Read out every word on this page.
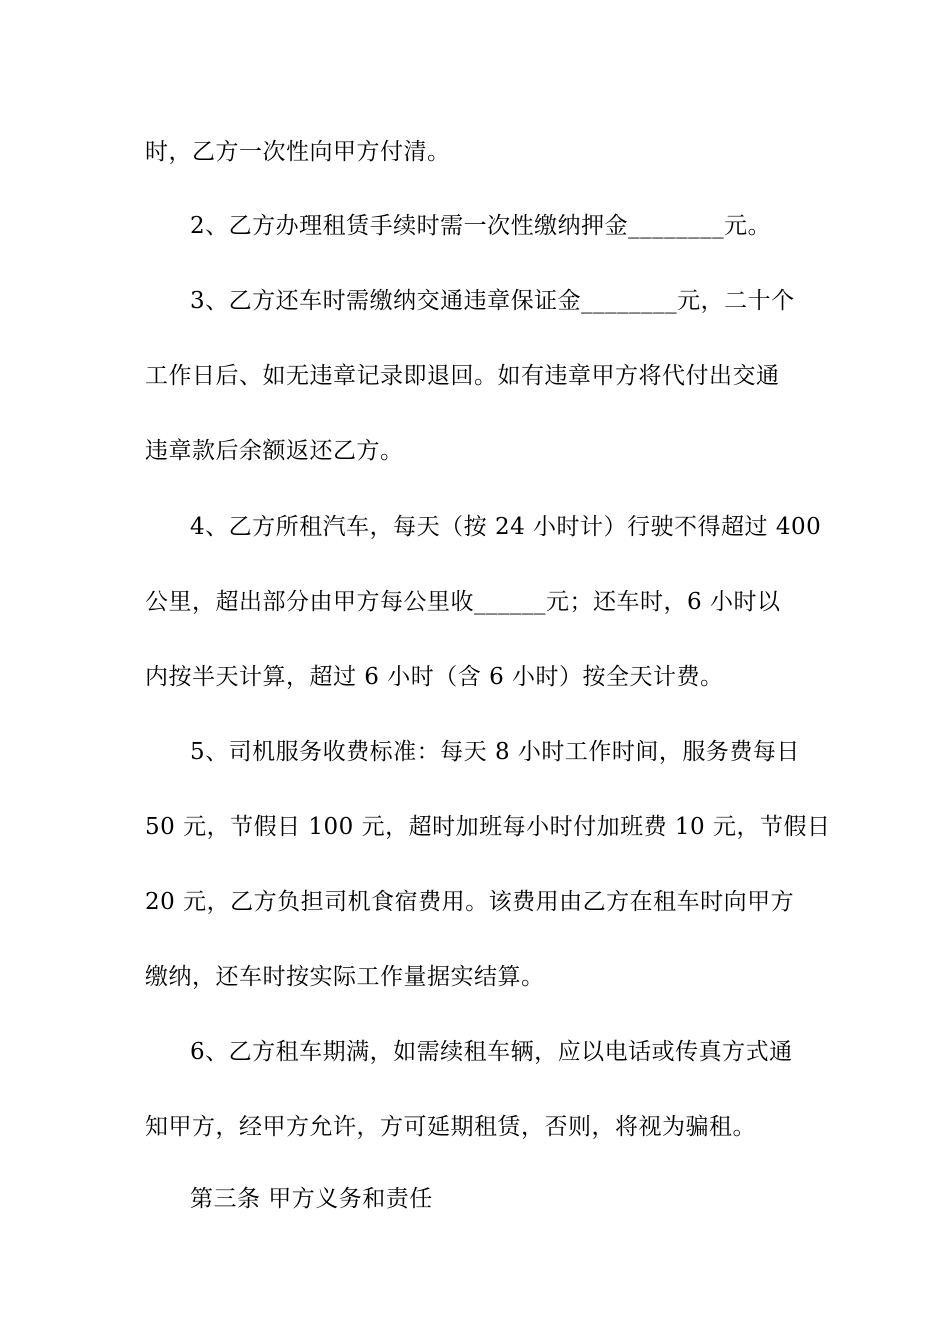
时，乙方一次性向甲方付清。
2、乙方办理租赁手续时需一次性缴纳押金________元。
3、乙方还车时需缴纳交通违章保证金________元，二十个
工作日后、如无违章记录即退回。如有违章甲方将代付出交通
违章款后余额返还乙方。
4、乙方所租汽车，每天（按 24 小时计）行驶不得超过 400
公里，超出部分由甲方每公里收______元；还车时，6 小时以
内按半天计算，超过 6 小时（含 6 小时）按全天计费。
5、司机服务收费标准：每天 8 小时工作时间，服务费每日
50 元，节假日 100 元，超时加班每小时付加班费 10 元，节假日
20 元，乙方负担司机食宿费用。该费用由乙方在租车时向甲方
缴纳，还车时按实际工作量据实结算。
6、乙方租车期满，如需续租车辆，应以电话或传真方式通
知甲方，经甲方允许，方可延期租赁，否则，将视为骗租。
第三条 甲方义务和责任
